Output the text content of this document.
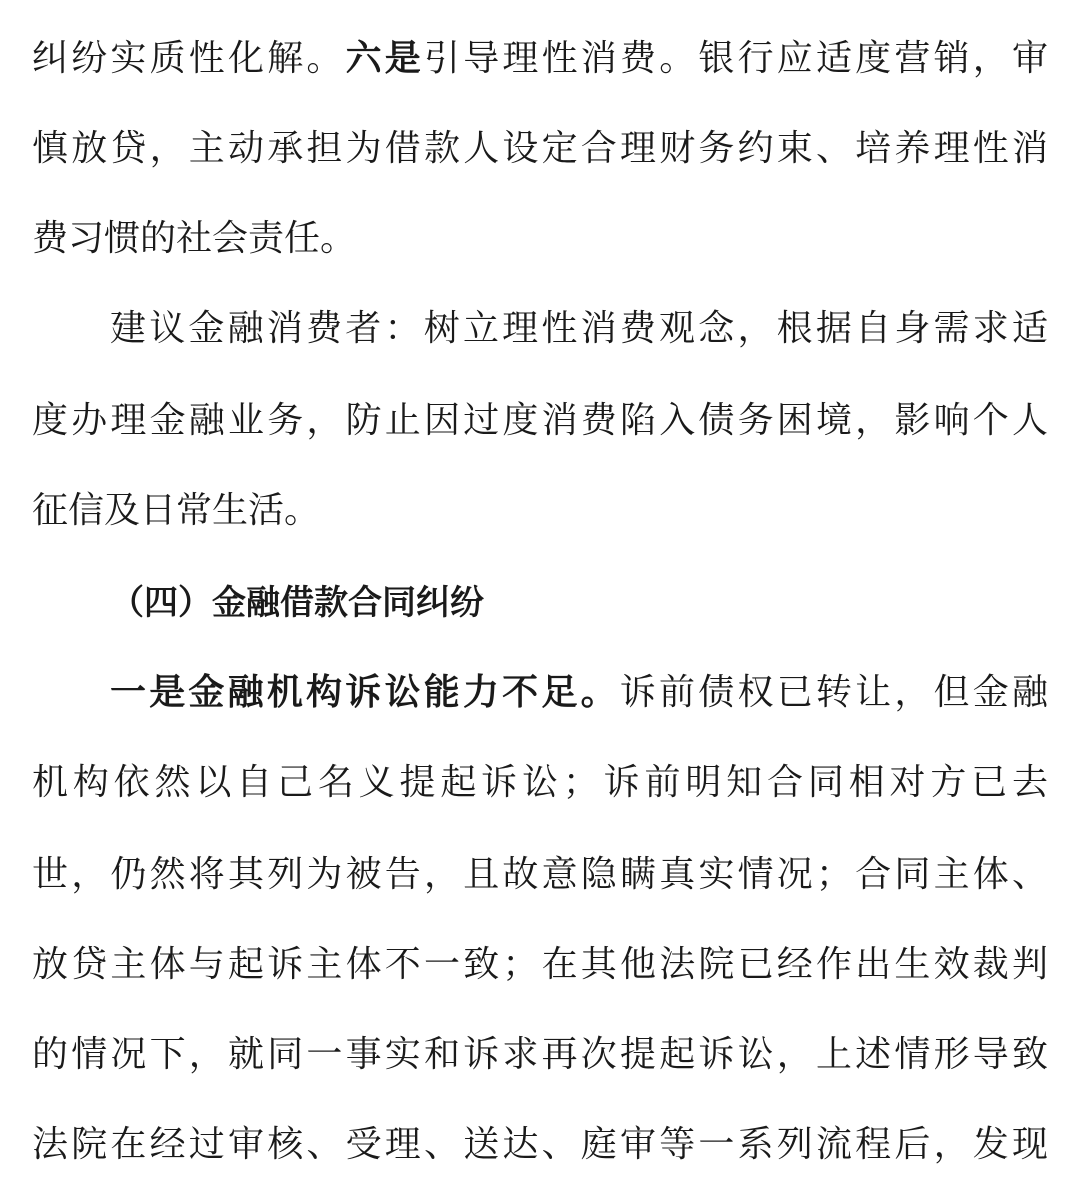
纠纷实质性化解。六是引导理性消费。银行应适度营销，审
慎放贷，主动承担为借款人设定合理财务约束、培养理性消
费习惯的社会责任。
建议金融消费者：树立理性消费观念，根据自身需求适
度办理金融业务，防止因过度消费陷入债务困境，影响个人
征信及日常生活。
（四）金融借款合同纠纷
一是金融机构诉讼能力不足。诉前债权已转让，但金融
机构依然以自己名义提起诉讼；诉前明知合同相对方已去
世，仍然将其列为被告，且故意隐瞒真实情况；合同主体、
放贷主体与起诉主体不一致；在其他法院已经作出生效裁判
的情况下，就同一事实和诉求再次提起诉讼，上述情形导致
法院在经过审核、受理、送达、庭审等一系列流程后，发现
